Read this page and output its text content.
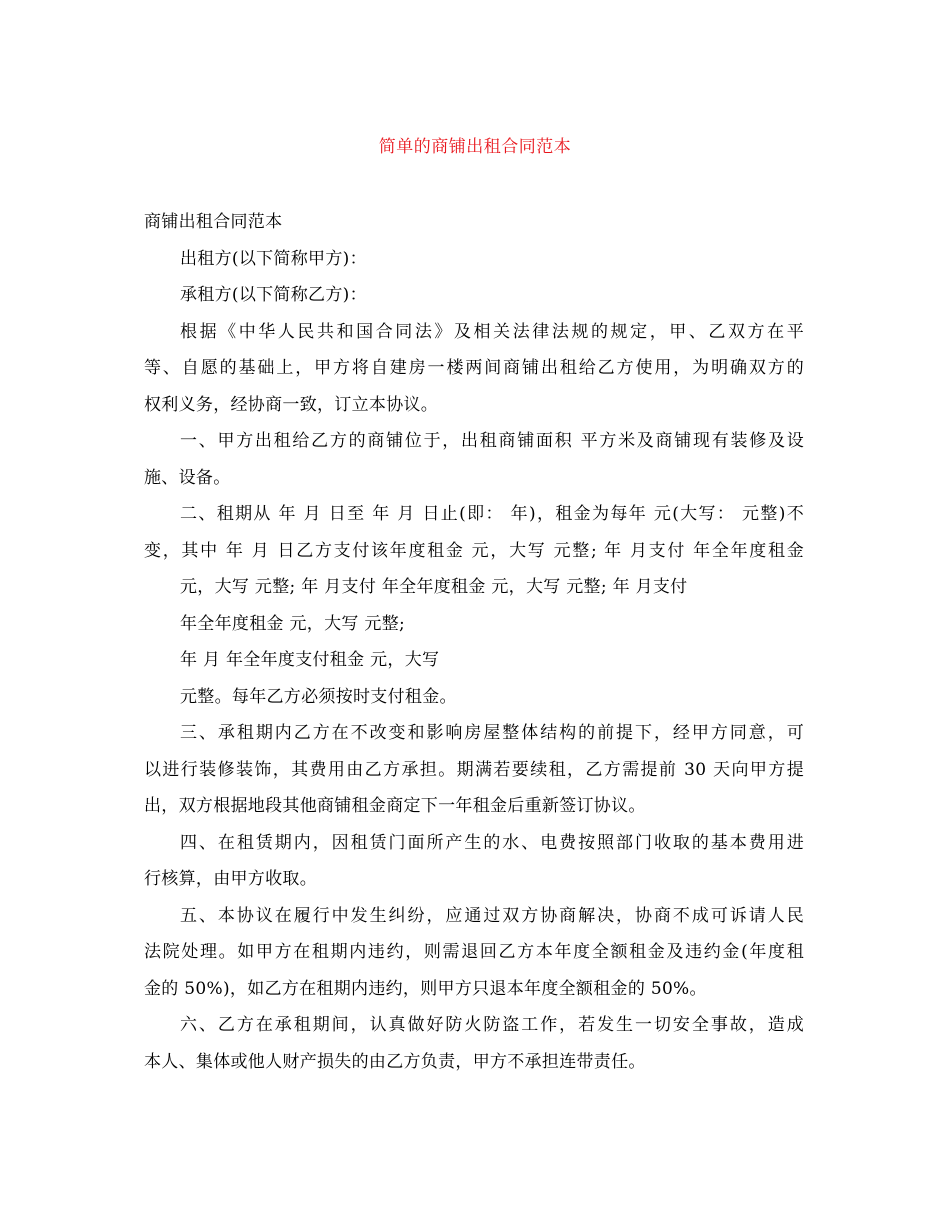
简单的商铺出租合同范本
商铺出租合同范本
出租方(以下简称甲方)：
承租方(以下简称乙方)：
根据《中华人民共和国合同法》及相关法律法规的规定，甲、乙双方在平
等、自愿的基础上，甲方将自建房一楼两间商铺出租给乙方使用，为明确双方的
权利义务，经协商一致，订立本协议。
一、甲方出租给乙方的商铺位于，出租商铺面积 平方米及商铺现有装修及设
施、设备。
二、租期从 年 月 日至 年 月 日止(即： 年)，租金为每年 元(大写： 元整)不
变，其中 年 月 日乙方支付该年度租金 元，大写 元整; 年 月支付 年全年度租金
元，大写 元整; 年 月支付 年全年度租金 元，大写 元整; 年 月支付
年全年度租金 元，大写 元整;
年 月 年全年度支付租金 元，大写
元整。每年乙方必须按时支付租金。
三、承租期内乙方在不改变和影响房屋整体结构的前提下，经甲方同意，可
以进行装修装饰，其费用由乙方承担。期满若要续租，乙方需提前 30 天向甲方提
出，双方根据地段其他商铺租金商定下一年租金后重新签订协议。
四、在租赁期内，因租赁门面所产生的水、电费按照部门收取的基本费用进
行核算，由甲方收取。
五、本协议在履行中发生纠纷，应通过双方协商解决，协商不成可诉请人民
法院处理。如甲方在租期内违约，则需退回乙方本年度全额租金及违约金(年度租
金的 50%)，如乙方在租期内违约，则甲方只退本年度全额租金的 50%。
六、乙方在承租期间，认真做好防火防盗工作，若发生一切安全事故，造成
本人、集体或他人财产损失的由乙方负责，甲方不承担连带责任。
